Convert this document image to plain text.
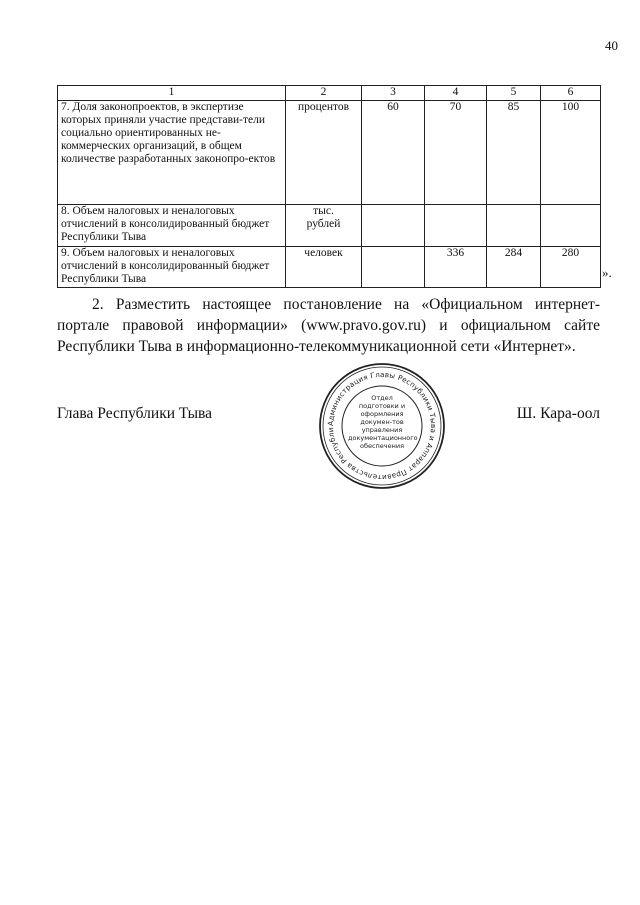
40
1	2	3	4	5	6
7. Доля законопроектов, в экспертизе которых приняли участие представи-тели социально ориентированных не-коммерческих организаций, в общем количестве разработанных законопро-ектов	процентов	60	70	85	100
8. Объем налоговых и неналоговых отчислений в консолидированный бюджет Республики Тыва	тыс. рублей				
9. Объем налоговых и неналоговых отчислений в консолидированный бюджет Республики Тыва	человек		336	284	280
».

2. Разместить настоящее постановление на «Официальном интернет-портале правовой информации» (www.pravo.gov.ru) и официальном сайте Республики Тыва в информационно-телекоммуникационной сети «Интернет».

Глава Республики Тыва
Администрация Главы Республики Тыва и Аппарат Правительства Республи
Отдел
подготовки и
оформления докумен-тов
управления
документационного
обеспечения
Ш. Кара-оол
